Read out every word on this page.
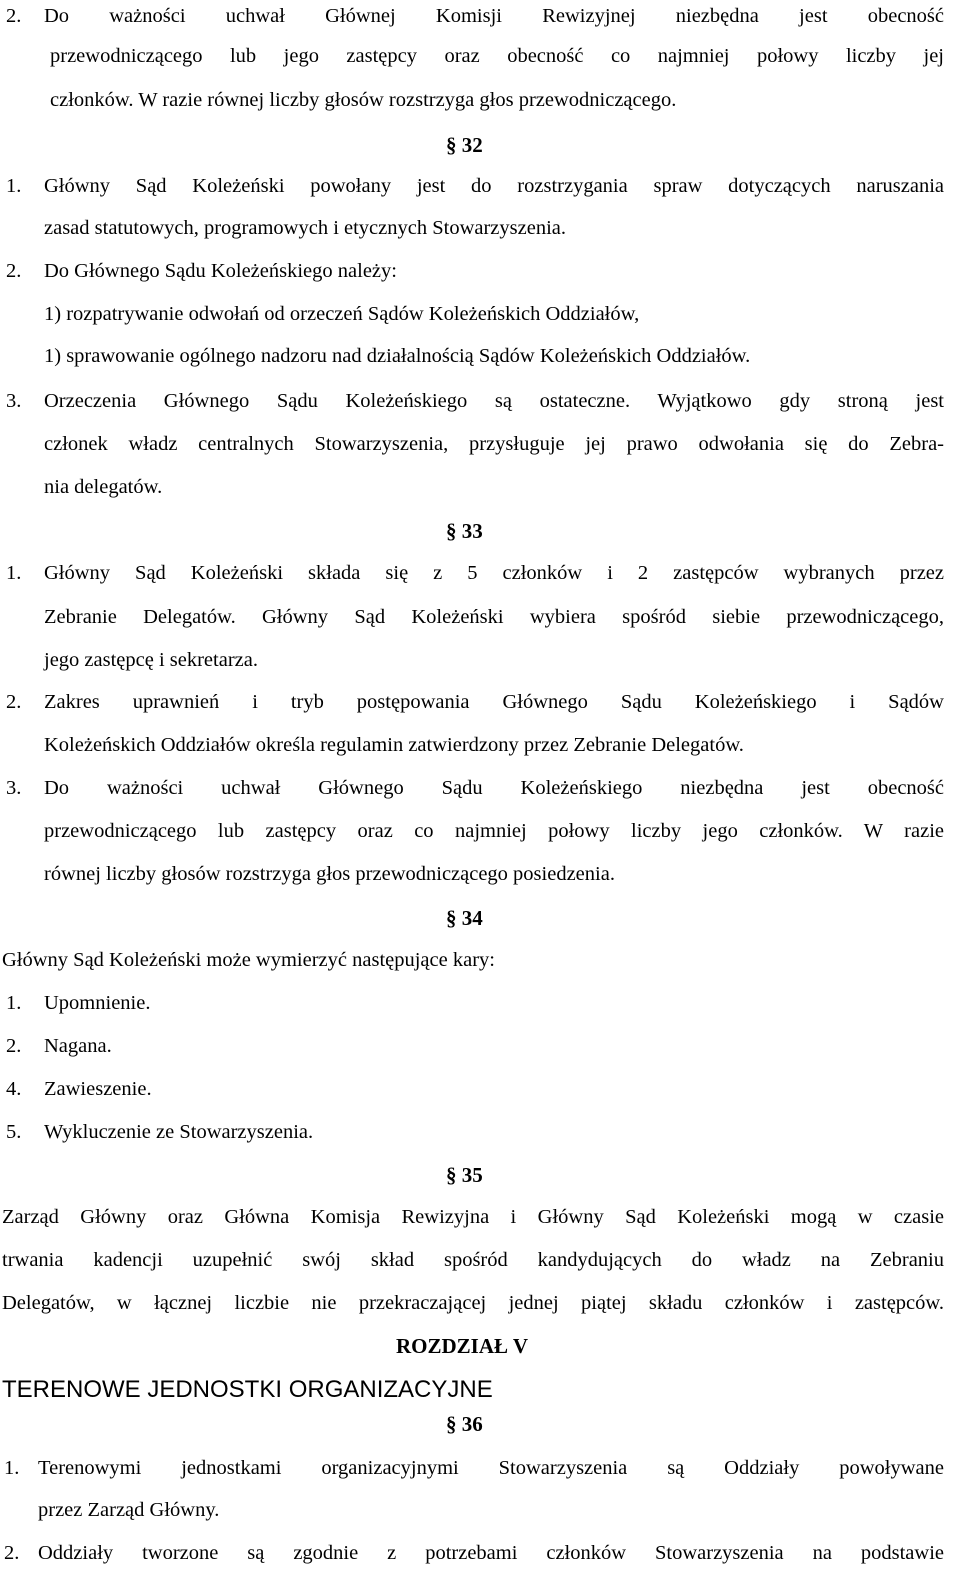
2. Do ważności uchwał Głównej Komisji Rewizyjnej niezbędna jest obecność
przewodniczącego lub jego zastępcy oraz obecność co najmniej połowy liczby jej
członków. W razie równej liczby głosów rozstrzyga głos przewodniczącego.
§ 32
1. Główny Sąd Koleżeński powołany jest do rozstrzygania spraw dotyczących naruszania
zasad statutowych, programowych i etycznych Stowarzyszenia.
2. Do Głównego Sądu Koleżeńskiego należy:
1) rozpatrywanie odwołań od orzeczeń Sądów Koleżeńskich Oddziałów,
1) sprawowanie ogólnego nadzoru nad działalnością Sądów Koleżeńskich Oddziałów.
3. Orzeczenia Głównego Sądu Koleżeńskiego są ostateczne. Wyjątkowo gdy stroną jest
członek władz centralnych Stowarzyszenia, przysługuje jej prawo odwołania się do Zebra-
nia delegatów.
§ 33
1. Główny Sąd Koleżeński składa się z 5 członków i 2 zastępców wybranych przez
Zebranie Delegatów. Główny Sąd Koleżeński wybiera spośród siebie przewodniczącego,
jego zastępcę i sekretarza.
2. Zakres uprawnień i tryb postępowania Głównego Sądu Koleżeńskiego i Sądów
Koleżeńskich Oddziałów określa regulamin zatwierdzony przez Zebranie Delegatów.
3. Do ważności uchwał Głównego Sądu Koleżeńskiego niezbędna jest obecność
przewodniczącego lub zastępcy oraz co najmniej połowy liczby jego członków. W razie
równej liczby głosów rozstrzyga głos przewodniczącego posiedzenia.
§ 34
Główny Sąd Koleżeński może wymierzyć następujące kary:
1. Upomnienie.
2. Nagana.
4. Zawieszenie.
5. Wykluczenie ze Stowarzyszenia.
§ 35
Zarząd Główny oraz Główna Komisja Rewizyjna i Główny Sąd Koleżeński mogą w czasie
trwania kadencji uzupełnić swój skład spośród kandydujących do władz na Zebraniu
Delegatów, w łącznej liczbie nie przekraczającej jednej piątej składu członków i zastępców.
ROZDZIAŁ V
TERENOWE JEDNOSTKI ORGANIZACYJNE
§ 36
1. Terenowymi jednostkami organizacyjnymi Stowarzyszenia są Oddziały powoływane
przez Zarząd Główny.
2. Oddziały tworzone są zgodnie z potrzebami członków Stowarzyszenia na podstawie
